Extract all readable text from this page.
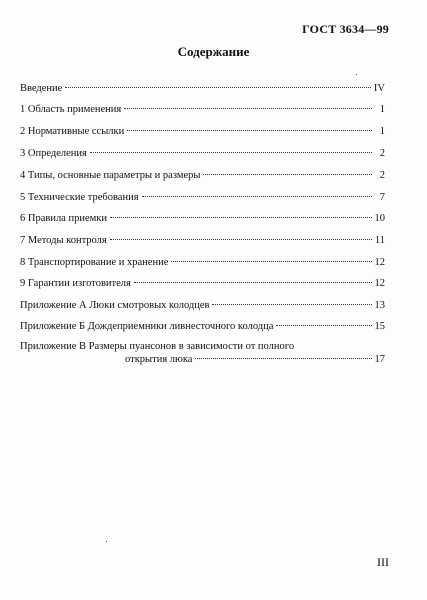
ГОСТ 3634—99
Содержание
Введение	IV
1 Область применения	1
2 Нормативные ссылки	1
3 Определения	2
4 Типы, основные параметры и размеры	2
5 Технические требования	7
6 Правила приемки	10
7 Методы контроля	11
8 Транспортирование и хранение	12
9 Гарантии изготовителя	12
Приложение А Люки смотровых колодцев	13
Приложение Б Дождеприемники ливнесточного колодца	15
Приложение В Размеры пуансонов в зависимости от полного
открытия люка	17
III
